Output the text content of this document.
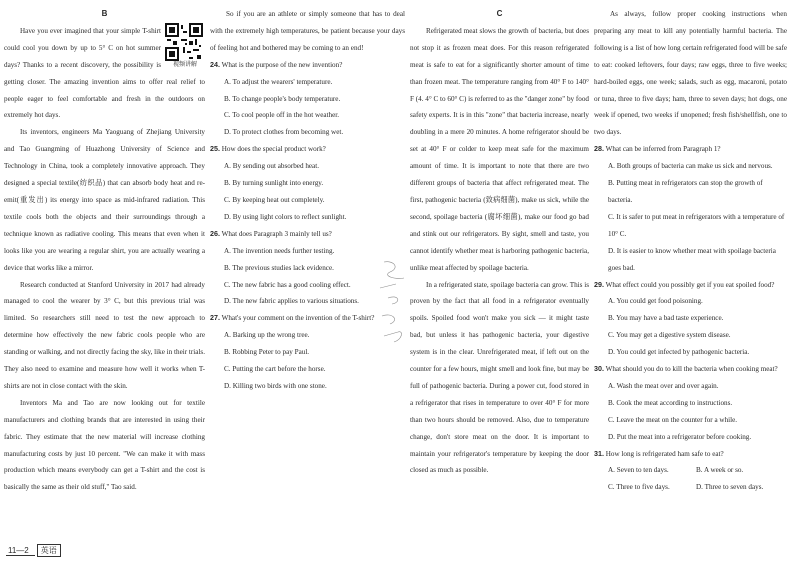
B
视频讲解

Have you ever imagined that your simple T-shirt could cool you down by up to 5° C on hot summer days? Thanks to a recent discovery, the possibility is getting closer. The amazing invention aims to offer real relief to people eager to feel comfortable and fresh in the outdoors on extremely hot days.

Its inventors, engineers Ma Yaoguang of Zhejiang University and Tao Guangming of Huazhong University of Science and Technology in China, took a completely innovative approach. They designed a special textile(纺织品) that can absorb body heat and re-emit(重发出) its energy into space as mid-infrared radiation. This textile cools both the objects and their surroundings through a technique known as radiative cooling. This means that even when it looks like you are wearing a regular shirt, you are actually wearing a device that works like a mirror.

Research conducted at Stanford University in 2017 had already managed to cool the wearer by 3° C, but this previous trial was limited. So researchers still need to test the new approach to determine how effectively the new fabric cools people who are standing or walking, and not directly facing the sky, like in their trials. They also need to examine and measure how well it works when T-shirts are not in close contact with the skin.

Inventors Ma and Tao are now looking out for textile manufacturers and clothing brands that are interested in using their fabric. They estimate that the new material will increase clothing manufacturing costs by just 10 percent. "We can make it with mass production which means everybody can get a T-shirt and the cost is basically the same as their old stuff," Tao said.

So if you are an athlete or simply someone that has to deal with the extremely high temperatures, be patient because your days of feeling hot and bothered may be coming to an end!

24. What is the purpose of the new invention?
A. To adjust the wearers' temperature.
B. To change people's body temperature.
C. To cool people off in the hot weather.
D. To protect clothes from becoming wet.
25. How does the special product work?
A. By sending out absorbed heat.
B. By turning sunlight into energy.
C. By keeping heat out completely.
D. By using light colors to reflect sunlight.
26. What does Paragraph 3 mainly tell us?
A. The invention needs further testing.
B. The previous studies lack evidence.
C. The new fabric has a good cooling effect.
D. The new fabric applies to various situations.
27. What's your comment on the invention of the T-shirt?
A. Barking up the wrong tree.
B. Robbing Peter to pay Paul.
C. Putting the cart before the horse.
D. Killing two birds with one stone.
C

Refrigerated meat slows the growth of bacteria, but does not stop it as frozen meat does. For this reason refrigerated meat is safe to eat for a significantly shorter amount of time than frozen meat. The temperature ranging from 40° F to 140° F (4. 4° C to 60° C) is referred to as the "danger zone" by food safety experts. It is in this "zone" that bacteria increase, nearly doubling in a mere 20 minutes. A home refrigerator should be set at 40° F or colder to keep meat safe for the maximum amount of time. It is important to note that there are two different groups of bacteria that affect refrigerated meat. The first, pathogenic bacteria (致病细菌), make us sick, while the second, spoilage bacteria (腐坏细菌), make our food go bad and stink out our refrigerators. By sight, smell and taste, you cannot identify whether meat is harboring pathogenic bacteria, unlike meat affected by spoilage bacteria.

In a refrigerated state, spoilage bacteria can grow. This is proven by the fact that all food in a refrigerator eventually spoils. Spoiled food won't make you sick — it might taste bad, but unless it has pathogenic bacteria, your digestive system is in the clear. Unrefrigerated meat, if left out on the counter for a few hours, might smell and look fine, but may be full of pathogenic bacteria. During a power cut, food stored in a refrigerator that rises in temperature to over 40° F for more than two hours should be removed. Also, due to temperature change, don't store meat on the door. It is important to maintain your refrigerator's temperature by keeping the door closed as much as possible.

As always, follow proper cooking instructions when preparing any meat to kill any potentially harmful bacteria. The following is a list of how long certain refrigerated food will be safe to eat: cooked leftovers, four days; raw eggs, three to five weeks; hard-boiled eggs, one week; salads, such as egg, macaroni, potato or tuna, three to five days; ham, three to seven days; hot dogs, one week if opened, two weeks if unopened; fresh fish/shellfish, one to two days.

28. What can be inferred from Paragraph 1?
A. Both groups of bacteria can make us sick and nervous.
B. Putting meat in refrigerators can stop the growth of bacteria.
C. It is safer to put meat in refrigerators with a temperature of 10° C.
D. It is easier to know whether meat with spoilage bacteria goes bad.
29. What effect could you possibly get if you eat spoiled food?
A. You could get food poisoning.
B. You may have a bad taste experience.
C. You may get a digestive system disease.
D. You could get infected by pathogenic bacteria.
30. What should you do to kill the bacteria when cooking meat?
A. Wash the meat over and over again.
B. Cook the meat according to instructions.
C. Leave the meat on the counter for a while.
D. Put the meat into a refrigerator before cooking.
31. How long is refrigerated ham safe to eat?
A. Seven to ten days.	B. A week or so.
C. Three to five days.	D. Three to seven days.
11—2 英语
